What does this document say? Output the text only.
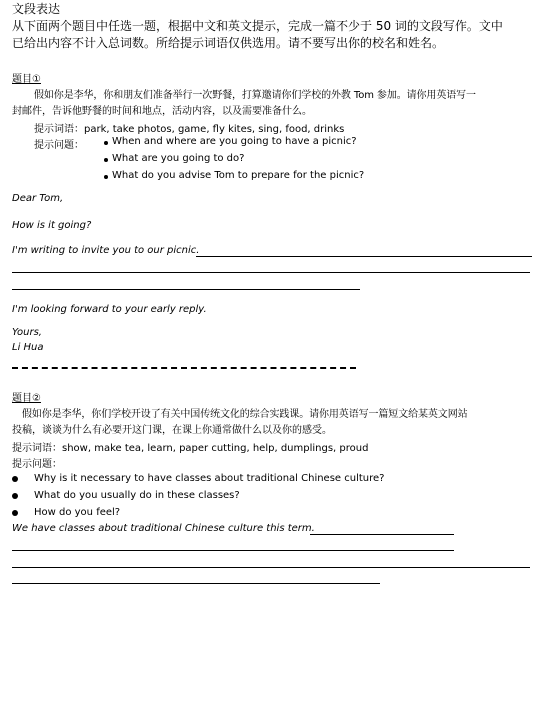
文段表达
从下面两个题目中任选一题，根据中文和英文提示，完成一篇不少于 50 词的文段写作。文中
已给出内容不计入总词数。所给提示词语仅供选用。请不要写出你的校名和姓名。
题目①
假如你是李华，你和朋友们准备举行一次野餐，打算邀请你们学校的外教 Tom 参加。请你用英语写一
封邮件，告诉他野餐的时间和地点，活动内容，以及需要准备什么。
提示词语：park, take photos, game, fly kites, sing, food, drinks
提示问题：	When and where are you going to have a picnic?
What are you going to do?
What do you advise Tom to prepare for the picnic?
Dear Tom,
How is it going?
I'm writing to invite you to our picnic.
I'm looking forward to your early reply.
Yours,
Li Hua
题目②
假如你是李华，你们学校开设了有关中国传统文化的综合实践课。请你用英语写一篇短文给某英文网站
投稿，谈谈为什么有必要开这门课，在课上你通常做什么以及你的感受。
提示词语：show, make tea, learn, paper cutting, help, dumplings, proud
提示问题：
Why is it necessary to have classes about traditional Chinese culture?
What do you usually do in these classes?
How do you feel?
We have classes about traditional Chinese culture this term.
